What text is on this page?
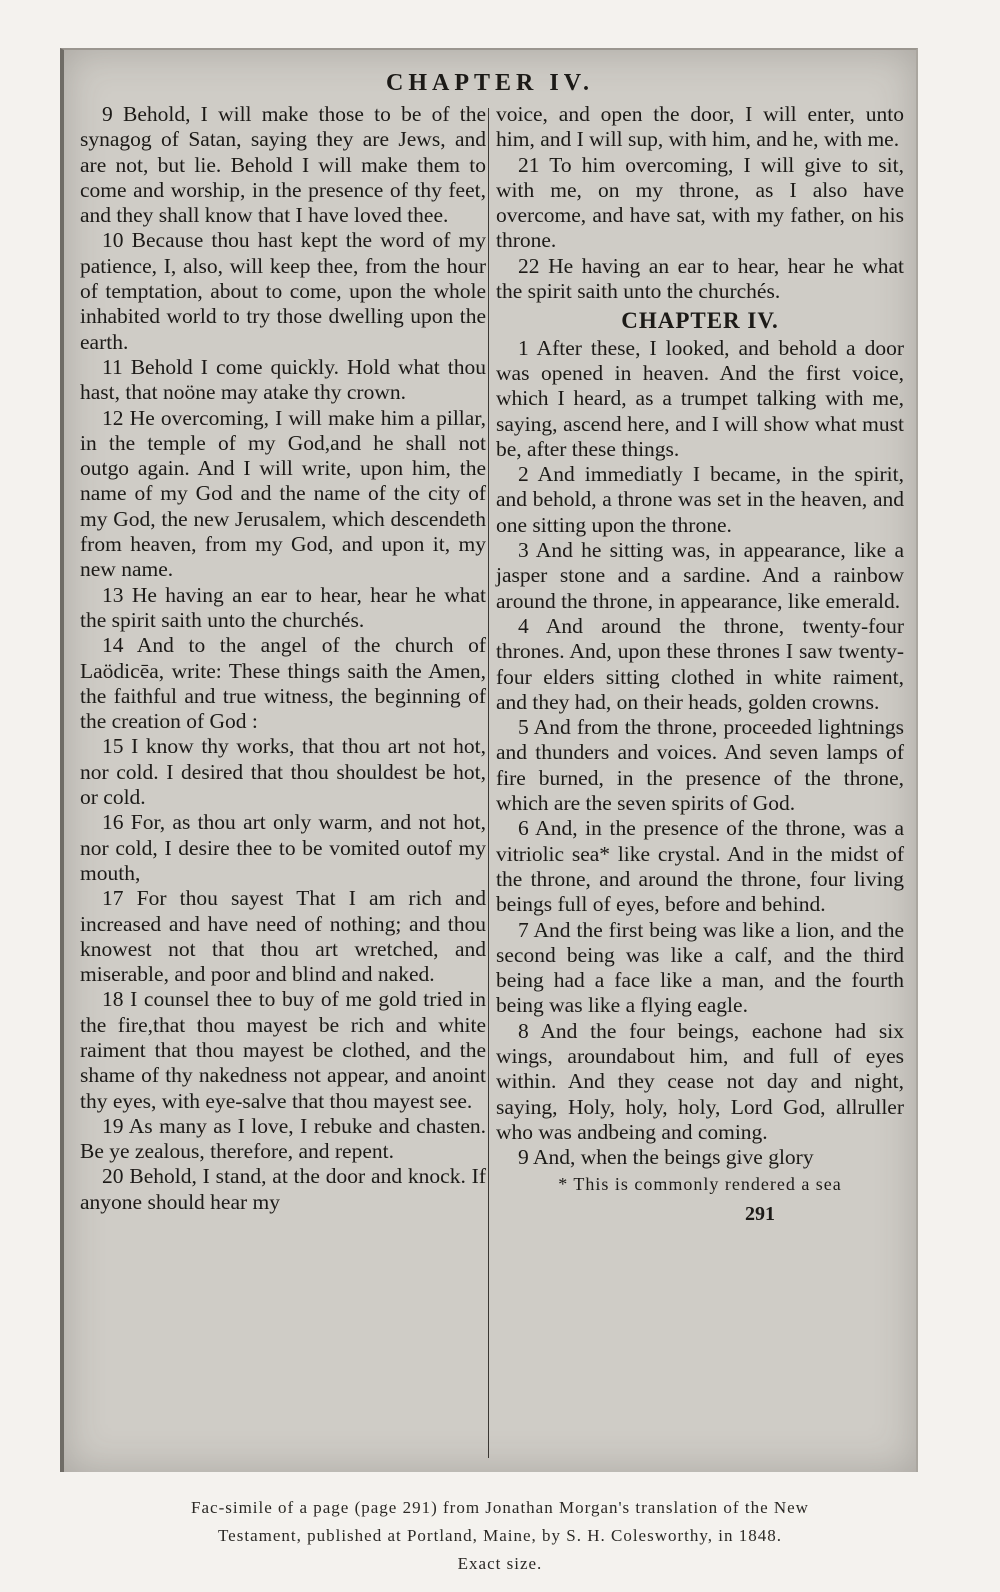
CHAPTER IV.

9 Behold, I will make those to be of the synagog of Satan, saying they are Jews, and are not, but lie. Behold I will make them to come and worship, in the presence of thy feet, and they shall know that I have loved thee.

10 Because thou hast kept the word of my patience, I, also, will keep thee, from the hour of temptation, about to come, upon the whole inhabited world to try those dwelling upon the earth.

11 Behold I come quickly. Hold what thou hast, that noöne may atake thy crown.

12 He overcoming, I will make him a pillar, in the temple of my God,and he shall not outgo again. And I will write, upon him, the name of my God and the name of the city of my God, the new Jerusalem, which descendeth from heaven, from my God, and upon it, my new name.

13 He having an ear to hear, hear he what the spirit saith unto the churchés.

14 And to the angel of the church of Laödicēa, write: These things saith the Amen, the faithful and true witness, the beginning of the creation of God :

15 I know thy works, that thou art not hot, nor cold. I desired that thou shouldest be hot, or cold.

16 For, as thou art only warm, and not hot, nor cold, I desire thee to be vomited outof my mouth,

17 For thou sayest That I am rich and increased and have need of nothing; and thou knowest not that thou art wretched, and miserable, and poor and blind and naked.

18 I counsel thee to buy of me gold tried in the fire,that thou mayest be rich and white raiment that thou mayest be clothed, and the shame of thy nakedness not appear, and anoint thy eyes, with eye-salve that thou mayest see.

19 As many as I love, I rebuke and chasten. Be ye zealous, therefore, and repent.

20 Behold, I stand, at the door and knock. If anyone should hear my

voice, and open the door, I will enter, unto him, and I will sup, with him, and he, with me.

21 To him overcoming, I will give to sit, with me, on my throne, as I also have overcome, and have sat, with my father, on his throne.

22 He having an ear to hear, hear he what the spirit saith unto the churchés.

CHAPTER IV.

1 After these, I looked, and behold a door was opened in heaven. And the first voice, which I heard, as a trumpet talking with me, saying, ascend here, and I will show what must be, after these things.

2 And immediatly I became, in the spirit, and behold, a throne was set in the heaven, and one sitting upon the throne.

3 And he sitting was, in appearance, like a jasper stone and a sardine. And a rainbow around the throne, in appearance, like emerald.

4 And around the throne, twenty-four thrones. And, upon these thrones I saw twenty-four elders sitting clothed in white raiment, and they had, on their heads, golden crowns.

5 And from the throne, proceeded lightnings and thunders and voices. And seven lamps of fire burned, in the presence of the throne, which are the seven spirits of God.

6 And, in the presence of the throne, was a vitriolic sea* like crystal. And in the midst of the throne, and around the throne, four living beings full of eyes, before and behind.

7 And the first being was like a lion, and the second being was like a calf, and the third being had a face like a man, and the fourth being was like a flying eagle.

8 And the four beings, eachone had six wings, aroundabout him, and full of eyes within. And they cease not day and night, saying, Holy, holy, holy, Lord God, allruller who was andbeing and coming.

9 And, when the beings give glory

* This is commonly rendered a sea
291
Fac-simile of a page (page 291) from Jonathan Morgan's translation of the New
Testament, published at Portland, Maine, by S. H. Colesworthy, in 1848.
Exact size.
